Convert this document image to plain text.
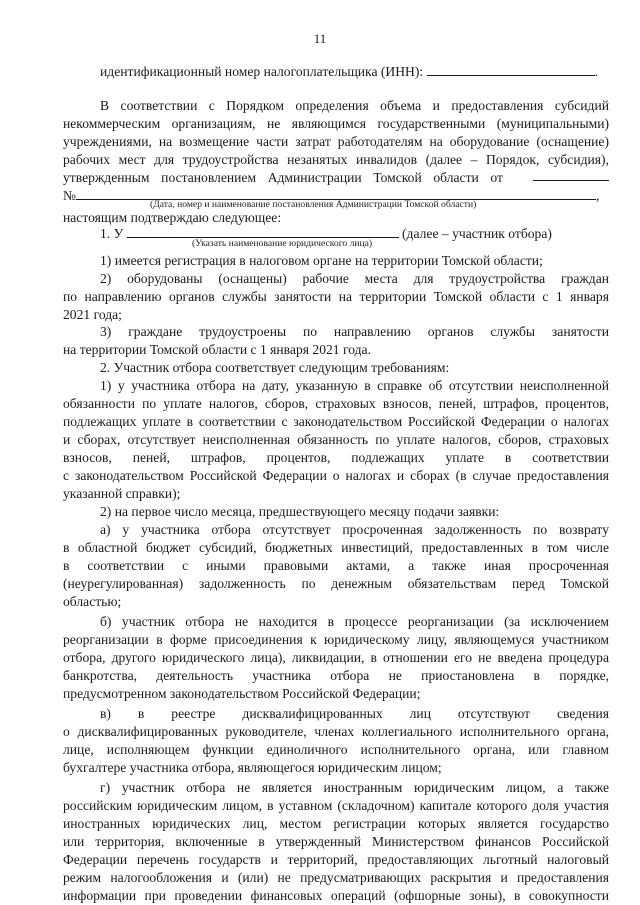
11
идентификационный номер налогоплательщика (ИНН):	.
В соответствии с Порядком определения объема и предоставления субсидий
некоммерческим организациям, не являющимся государственными (муниципальными)
учреждениями, на возмещение части затрат работодателям на оборудование (оснащение)
рабочих мест для трудоустройства незанятых инвалидов (далее – Порядок, субсидия),
утвержденным постановлением Администрации Томской области от
№	,
(Дата, номер и наименование постановления Администрации Томской области)
настоящим подтверждаю следующее:
1. У	(далее – участник отбора)
(Указать наименование юридического лица)
1) имеется регистрация в налоговом органе на территории Томской области;
2) оборудованы (оснащены) рабочие места для трудоустройства граждан
по направлению органов службы занятости на территории Томской области с 1 января
2021 года;
3) граждане трудоустроены по направлению органов службы занятости
на территории Томской области с 1 января 2021 года.
2. Участник отбора соответствует следующим требованиям:
1) у участника отбора на дату, указанную в справке об отсутствии неисполненной
обязанности по уплате налогов, сборов, страховых взносов, пеней, штрафов, процентов,
подлежащих уплате в соответствии с законодательством Российской Федерации о налогах
и сборах, отсутствует неисполненная обязанность по уплате налогов, сборов, страховых
взносов, пеней, штрафов, процентов, подлежащих уплате в соответствии
с законодательством Российской Федерации о налогах и сборах (в случае предоставления
указанной справки);
2) на первое число месяца, предшествующего месяцу подачи заявки:
а) у участника отбора отсутствует просроченная задолженность по возврату
в областной бюджет субсидий, бюджетных инвестиций, предоставленных в том числе
в соответствии с иными правовыми актами, а также иная просроченная
(неурегулированная) задолженность по денежным обязательствам перед Томской
областью;
б) участник отбора не находится в процессе реорганизации (за исключением
реорганизации в форме присоединения к юридическому лицу, являющемуся участником
отбора, другого юридического лица), ликвидации, в отношении его не введена процедура
банкротства, деятельность участника отбора не приостановлена в порядке,
предусмотренном законодательством Российской Федерации;
в) в реестре дисквалифицированных лиц отсутствуют сведения
о дисквалифицированных руководителе, членах коллегиального исполнительного органа,
лице, исполняющем функции единоличного исполнительного органа, или главном
бухгалтере участника отбора, являющегося юридическим лицом;
г) участник отбора не является иностранным юридическим лицом, а также
российским юридическим лицом, в уставном (складочном) капитале которого доля участия
иностранных юридических лиц, местом регистрации которых является государство
или территория, включенные в утвержденный Министерством финансов Российской
Федерации перечень государств и территорий, предоставляющих льготный налоговый
режим налогообложения и (или) не предусматривающих раскрытия и предоставления
информации при проведении финансовых операций (офшорные зоны), в совокупности
